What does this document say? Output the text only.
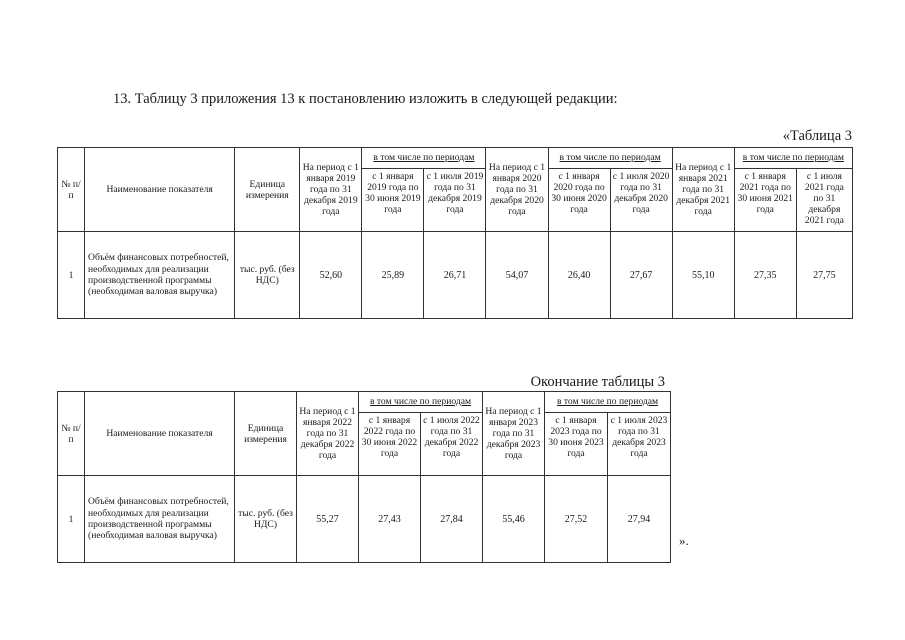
13. Таблицу 3 приложения 13 к постановлению изложить в следующей редакции:
«Таблица 3
№ п/п	Наименование показателя	Единица измерения	На период с 1 января 2019 года по 31 декабря 2019 года	в том числе по периодам		На период с 1 января 2020 года по 31 декабря 2020 года	в том числе по периодам		На период с 1 января 2021 года по 31 декабря 2021 года	в том числе по периодам	
				с 1 января 2019 года по 30 июня 2019 года	с 1 июля 2019 года по 31 декабря 2019 года		с 1 января 2020 года по 30 июня 2020 года	с 1 июля 2020 года по 31 декабря 2020 года		с 1 января 2021 года по 30 июня 2021 года	с 1 июля 2021 года по 31 декабря 2021 года
1	Объём финансовых потребностей, необходимых для реализации производственной программы (необходимая валовая выручка)	тыс. руб. (без НДС)	52,60	25,89	26,71	54,07	26,40	27,67	55,10	27,35	27,75
Окончание таблицы 3
№ п/п	Наименование показателя	Единица измерения	На период с 1 января 2022 года по 31 декабря 2022 года	в том числе по периодам		На период с 1 января 2023 года по 31 декабря 2023 года	в том числе по периодам	
				с 1 января 2022 года по 30 июня 2022 года	с 1 июля 2022 года по 31 декабря 2022 года		с 1 января 2023 года по 30 июня 2023 года	с 1 июля 2023 года по 31 декабря 2023 года
1	Объём финансовых потребностей, необходимых для реализации производственной программы (необходимая валовая выручка)	тыс. руб. (без НДС)	55,27	27,43	27,84	55,46	27,52	27,94
».
